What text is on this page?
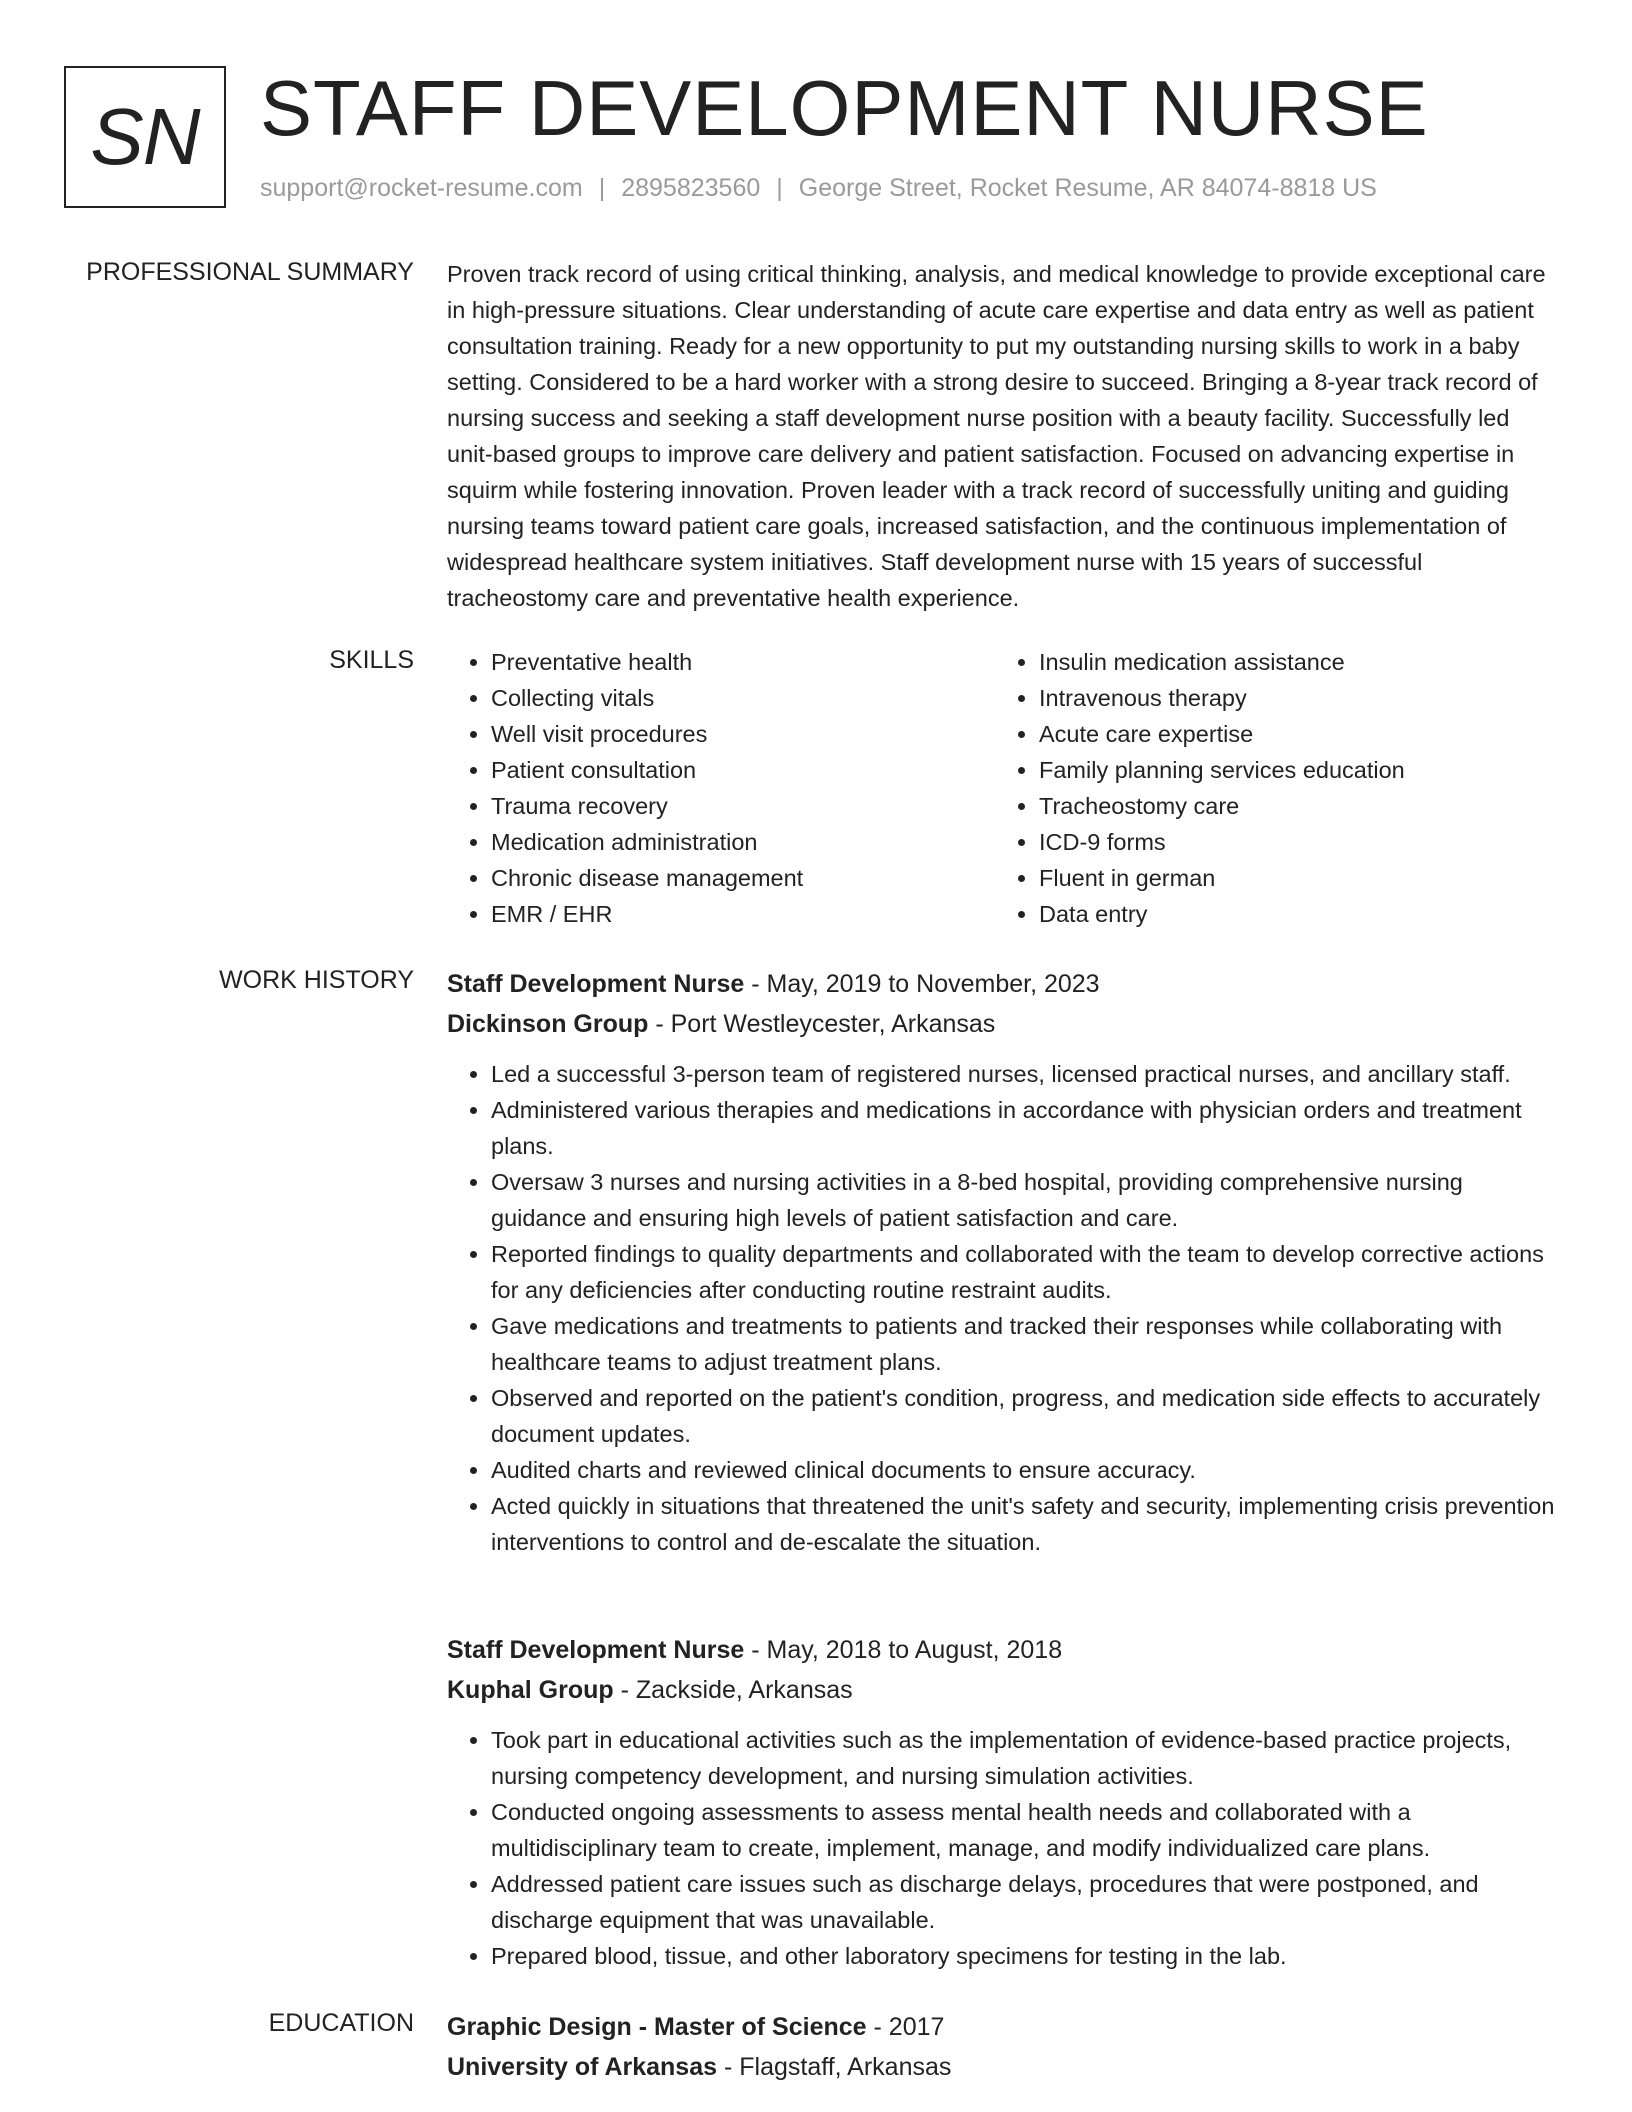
SN STAFF DEVELOPMENT NURSE
support@rocket-resume.com | 2895823560 | George Street, Rocket Resume, AR 84074-8818 US
PROFESSIONAL SUMMARY Proven track record of using critical thinking, analysis, and medical knowledge to provide exceptional care in high-pressure situations. Clear understanding of acute care expertise and data entry as well as patient consultation training. Ready for a new opportunity to put my outstanding nursing skills to work in a baby setting. Considered to be a hard worker with a strong desire to succeed. Bringing a 8-year track record of nursing success and seeking a staff development nurse position with a beauty facility. Successfully led unit-based groups to improve care delivery and patient satisfaction. Focused on advancing expertise in squirm while fostering innovation. Proven leader with a track record of successfully uniting and guiding nursing teams toward patient care goals, increased satisfaction, and the continuous implementation of widespread healthcare system initiatives. Staff development nurse with 15 years of successful tracheostomy care and preventative health experience.

SKILLS
•	Preventative health
• Collecting vitals
• Well visit procedures
• Patient consultation
• Trauma recovery
• Medication administration
• Chronic disease management
• EMR / EHR
• Insulin medication assistance
• Intravenous therapy
• Acute care expertise
• Family planning services education
• Tracheostomy care
• ICD-9 forms
• Fluent in german
• Data entry
WORK HISTORY Staff Development Nurse - May, 2019 to November, 2023
Dickinson Group - Port Westleycester, Arkansas
• Led a successful 3-person team of registered nurses, licensed practical nurses, and ancillary staff.
• Administered various therapies and medications in accordance with physician orders and treatment plans.
• Oversaw 3 nurses and nursing activities in a 8-bed hospital, providing comprehensive nursing guidance and ensuring high levels of patient satisfaction and care.
• Reported findings to quality departments and collaborated with the team to develop corrective actions for any deficiencies after conducting routine restraint audits.
• Gave medications and treatments to patients and tracked their responses while collaborating with healthcare teams to adjust treatment plans.
• Observed and reported on the patient's condition, progress, and medication side effects to accurately document updates.
• Audited charts and reviewed clinical documents to ensure accuracy.
• Acted quickly in situations that threatened the unit's safety and security, implementing crisis prevention interventions to control and de-escalate the situation.
Staff Development Nurse - May, 2018 to August, 2018
Kuphal Group - Zackside, Arkansas
• Took part in educational activities such as the implementation of evidence-based practice projects, nursing competency development, and nursing simulation activities.
• Conducted ongoing assessments to assess mental health needs and collaborated with a multidisciplinary team to create, implement, manage, and modify individualized care plans.
• Addressed patient care issues such as discharge delays, procedures that were postponed, and discharge equipment that was unavailable.
• Prepared blood, tissue, and other laboratory specimens for testing in the lab.
EDUCATION Graphic Design - Master of Science - 2017
University of Arkansas - Flagstaff, Arkansas
